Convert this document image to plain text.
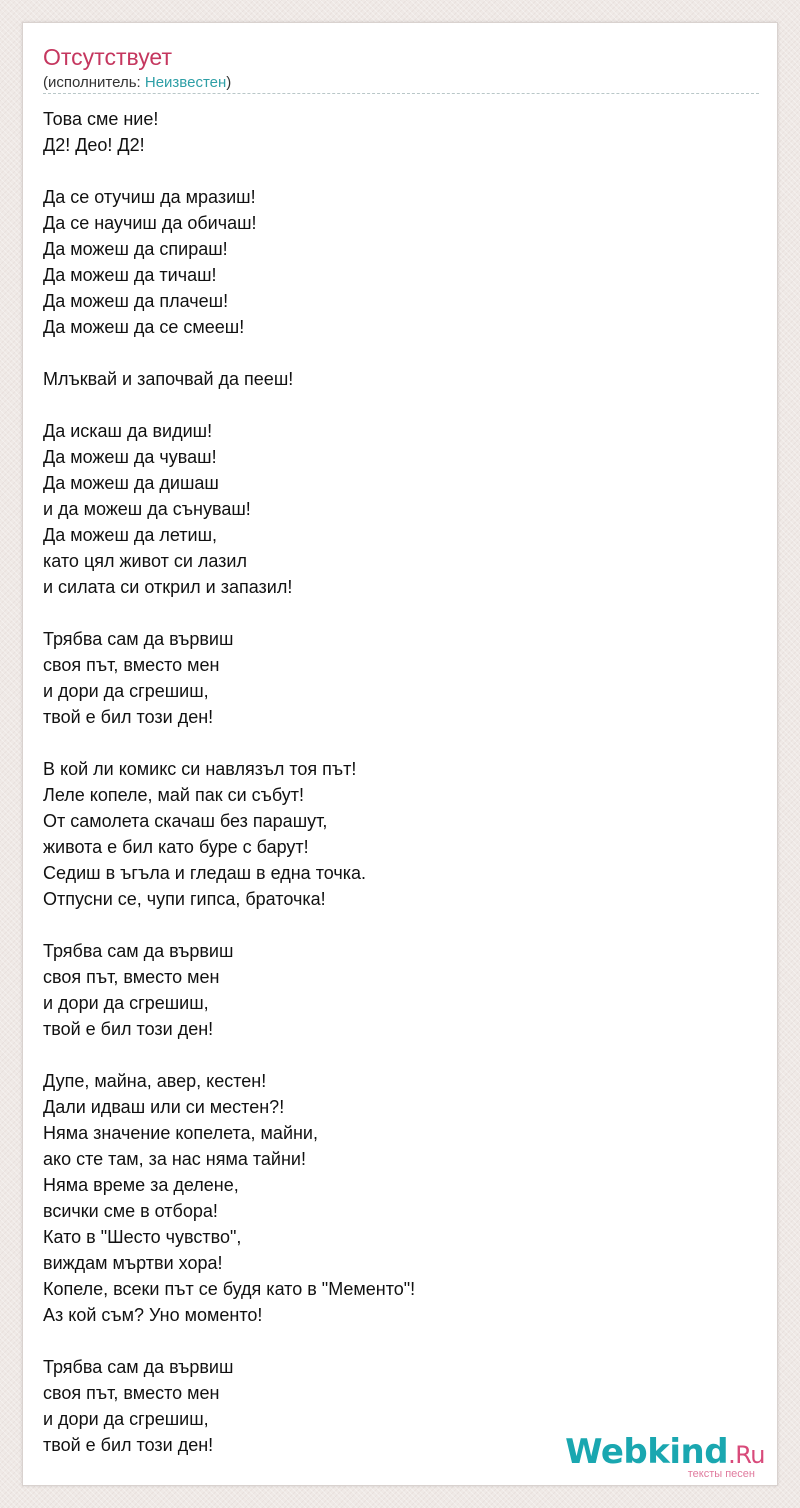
Отсутствует
(исполнитель: Неизвестен)
Това сме ние!
Д2! Део! Д2!
Да се отучиш да мразиш!
Да се научиш да обичаш!
Да можеш да спираш!
Да можеш да тичаш!
Да можеш да плачеш!
Да можеш да се смееш!
Млъквай и започвай да пееш!
Да искаш да видиш!
Да можеш да чуваш!
Да можеш да дишаш
и да можеш да сънуваш!
Да можеш да летиш,
като цял живот си лазил
и силата си открил и запазил!
Трябва сам да вървиш
своя път, вместо мен
и дори да сгрешиш,
твой е бил този ден!
В кой ли комикс си навлязъл тоя път!
Леле копеле, май пак си събут!
От самолета скачаш без парашут,
живота е бил като буре с барут!
Седиш в ъгъла и гледаш в една точка.
Отпусни се, чупи гипса, браточка!
Трябва сам да вървиш
своя път, вместо мен
и дори да сгрешиш,
твой е бил този ден!
Дупе, майна, авер, кестен!
Дали идваш или си местен?!
Няма значение копелета, майни,
ако сте там, за нас няма тайни!
Няма време за делене,
всички сме в отбора!
Като в "Шесто чувство",
виждам мъртви хора!
Копеле, всеки път се будя като в "Мементо"!
Аз кой съм? Уно моменто!
Трябва сам да вървиш
своя път, вместо мен
и дори да сгрешиш,
твой е бил този ден!	Webkind.Ru
тексты песен
